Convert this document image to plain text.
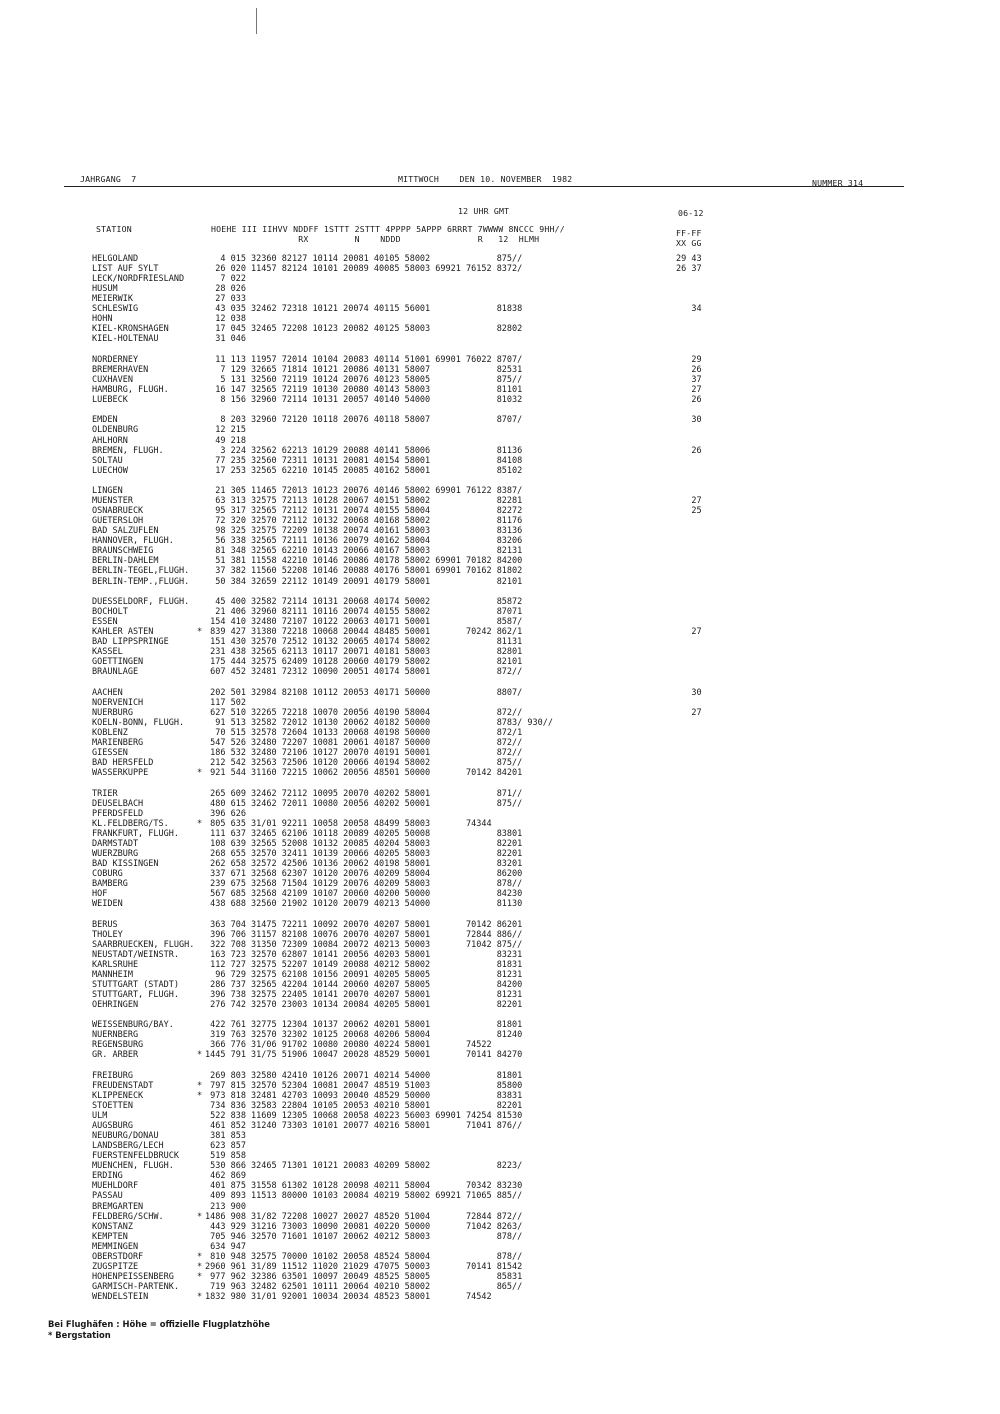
JAHRGANG  7	MITTWOCH    DEN 10. NOVEMBER  1982	NUMMER 314
12 UHR GMT	06-12
STATION	HOEHE III IIHVV NDDFF 1STTT 2STTT 4PPPP 5APPP 6RRRT 7WWWW 8NCCC 9HH//
RX         N    NDDD               R   12  HLMH
FF-FF
XX GG
HELGOLAND	4 015 32360 82127 10114 20081 40105 58002             875//	29 43
LIST AUF SYLT	26 020 11457 82124 10101 20089 40085 58003 69921 76152 8372/	26 37
LECK/NORDFRIESLAND 7 022
HUSUM	28 026
MEIERWIK	27 033
SCHLESWIG	43 035 32462 72318 10121 20074 40115 56001             81838	34
HOHN	12 038
KIEL-KRONSHAGEN	17 045 32465 72208 10123 20082 40125 58003             82802
KIEL-HOLTENAU	31 046
NORDERNEY	11 113 11957 72014 10104 20083 40114 51001 69901 76022 8707/	29
BREMERHAVEN	7 129 32665 71814 10121 20086 40131 58007             82531	26
CUXHAVEN	5 131 32560 72119 10124 20076 40123 58005             875//	37
HAMBURG, FLUGH.	16 147 32565 72119 10130 20080 40143 58003             81101	27
LUEBECK	8 156 32960 72114 10131 20057 40140 54000             81032	26
EMDEN	8 203 32960 72120 10118 20076 40118 58007             8707/	30
OLDENBURG	12 215
AHLHORN	49 218
BREMEN, FLUGH.	3 224 32562 62213 10129 20088 40141 58006             81136	26
SOLTAU	77 235 32560 72311 10131 20081 40154 58001             84108
LUECHOW	17 253 32565 62210 10145 20085 40162 58001             85102
LINGEN	21 305 11465 72013 10123 20076 40146 58002 69901 76122 8387/
MUENSTER	63 313 32575 72113 10128 20067 40151 58002             82281	27
OSNABRUECK	95 317 32565 72112 10131 20074 40155 58004             82272	25
GUETERSLOH	72 320 32570 72112 10132 20068 40168 58002             81176
BAD SALZUFLEN	98 325 32575 72209 10138 20074 40161 58003             83136
HANNOVER, FLUGH.	56 338 32565 72111 10136 20079 40162 58004             83206
BRAUNSCHWEIG	81 348 32565 62210 10143 20066 40167 58003             82131
BERLIN-DAHLEM	51 381 11558 42210 10146 20086 40178 58002 69901 70182 84200
BERLIN-TEGEL,FLUGH. 37 382 11560 52208 10146 20088 40176 58001 69901 70162 81802
BERLIN-TEMP.,FLUGH. 50 384 32659 22112 10149 20091 40179 58001             82101
DUESSELDORF, FLUGH. 45 400 32582 72114 10131 20068 40174 50002             85872
BOCHOLT	21 406 32960 82111 10116 20074 40155 58002             87071
ESSEN	154 410 32480 72107 10122 20063 40171 50001             8587/
KAHLER ASTEN	* 839 427 31380 72218 10068 20044 48485 50001       70242 862/1	27
BAD LIPPSPRINGE	151 430 32570 72512 10132 20065 40174 58002             81131
KASSEL	231 438 32565 62113 10117 20071 40181 58003             82801
GOETTINGEN	175 444 32575 62409 10128 20060 40179 58002             82101
BRAUNLAGE	607 452 32481 72312 10090 20051 40174 58001             872//
AACHEN	202 501 32984 82108 10112 20053 40171 50000             8807/	30
NOERVENICH	117 502
NUERBURG	627 510 32265 72218 10070 20056 40190 58004             872//	27
KOELN-BONN, FLUGH. 91 513 32582 72012 10130 20062 40182 50000             8783/ 930//
KOBLENZ	70 515 32578 72604 10133 20068 40198 50000             872/1
MARIENBERG	547 526 32480 72207 10081 20061 40187 50000             872//
GIESSEN	186 532 32480 72106 10127 20070 40191 50001             872//
BAD HERSFELD	212 542 32563 72506 10120 20066 40194 58002             875//
WASSERKUPPE	* 921 544 31160 72215 10062 20056 48501 50000       70142 84201
TRIER	265 609 32462 72112 10095 20070 40202 58001             871//
DEUSELBACH	480 615 32462 72011 10080 20056 40202 50001             875//
PFERDSFELD	396 626
KL.FELDBERG/TS.	* 805 635 31/01 92211 10058 20058 48499 58003       74344
FRANKFURT, FLUGH.	111 637 32465 62106 10118 20089 40205 50008             83801
DARMSTADT	108 639 32565 52008 10132 20085 40204 58003             82201
WUERZBURG	268 655 32570 32411 10139 20066 40205 58003             82201
BAD KISSINGEN	262 658 32572 42506 10136 20062 40198 58001             83201
COBURG	337 671 32568 62307 10120 20076 40209 58004             86200
BAMBERG	239 675 32568 71504 10129 20076 40209 58003             878//
HOF	567 685 32568 42109 10107 20060 40200 50000             84230
WEIDEN	438 688 32560 21902 10120 20079 40213 54000             81130
BERUS	363 704 31475 72211 10092 20070 40207 58001       70142 86201
THOLEY	396 706 31157 82108 10076 20070 40207 58001       72844 886//
SAARBRUECKEN, FLUGH. 322 708 31350 72309 10084 20072 40213 50003       71042 875//
NEUSTADT/WEINSTR.	163 723 32570 62807 10141 20056 40203 58001             83231
KARLSRUHE	112 727 32575 52207 10149 20088 40212 58002             81831
MANNHEIM	96 729 32575 62108 10156 20091 40205 58005             81231
STUTTGART (STADT)	286 737 32565 42204 10144 20060 40207 58005             84200
STUTTGART, FLUGH.	396 738 32575 22405 10141 20070 40207 58001             81231
OEHRINGEN	276 742 32570 23003 10134 20084 40205 58001             82201
WEISSENBURG/BAY.	422 761 32775 12304 10137 20062 40201 58001             81801
NUERNBERG	319 763 32570 32302 10125 20068 40206 58004             81240
REGENSBURG	366 776 31/06 91702 10080 20080 40224 58001       74522
GR. ARBER	* 1445 791 31/75 51906 10047 20028 48529 50001       70141 84270
FREIBURG	269 803 32580 42410 10126 20071 40214 54000             81801
FREUDENSTADT	* 797 815 32570 52304 10081 20047 48519 51003             85800
KLIPPENECK	* 973 818 32481 42703 10093 20040 48529 50000             83831
STOETTEN	734 836 32583 22804 10105 20053 40210 58001             82201
ULM	522 838 11609 12305 10068 20058 40223 56003 69901 74254 81530
AUGSBURG	461 852 31240 73303 10101 20077 40216 58001       71041 876//
NEUBURG/DONAU	381 853
LANDSBERG/LECH	623 857
FUERSTENFELDBRUCK	519 858
MUENCHEN, FLUGH.	530 866 32465 71301 10121 20083 40209 58002             8223/
ERDING	462 869
MUEHLDORF	401 875 31558 61302 10128 20098 40211 58004       70342 83230
PASSAU	409 893 11513 80000 10103 20084 40219 58002 69921 71065 885//
BREMGARTEN	213 900
FELDBERG/SCHW.	* 1486 908 31/82 72208 10027 20027 48520 51004       72844 872//
KONSTANZ	443 929 31216 73003 10090 20081 40220 50000       71042 8263/
KEMPTEN	705 946 32570 71601 10107 20062 40212 58003             878//
MEMMINGEN	634 947
OBERSTDORF	* 810 948 32575 70000 10102 20058 48524 58004             878//
ZUGSPITZE	* 2960 961 31/89 11512 11020 21029 47075 50003       70141 81542
HOHENPEISSENBERG	* 977 962 32386 63501 10097 20049 48525 58005             85831
GARMISCH-PARTENK.	719 963 32482 62501 10111 20064 40210 58002             865//
WENDELSTEIN	* 1832 980 31/01 92001 10034 20034 48523 58001       74542
Bei Flughäfen : Höhe = offizielle Flugplatzhöhe
* Bergstation
